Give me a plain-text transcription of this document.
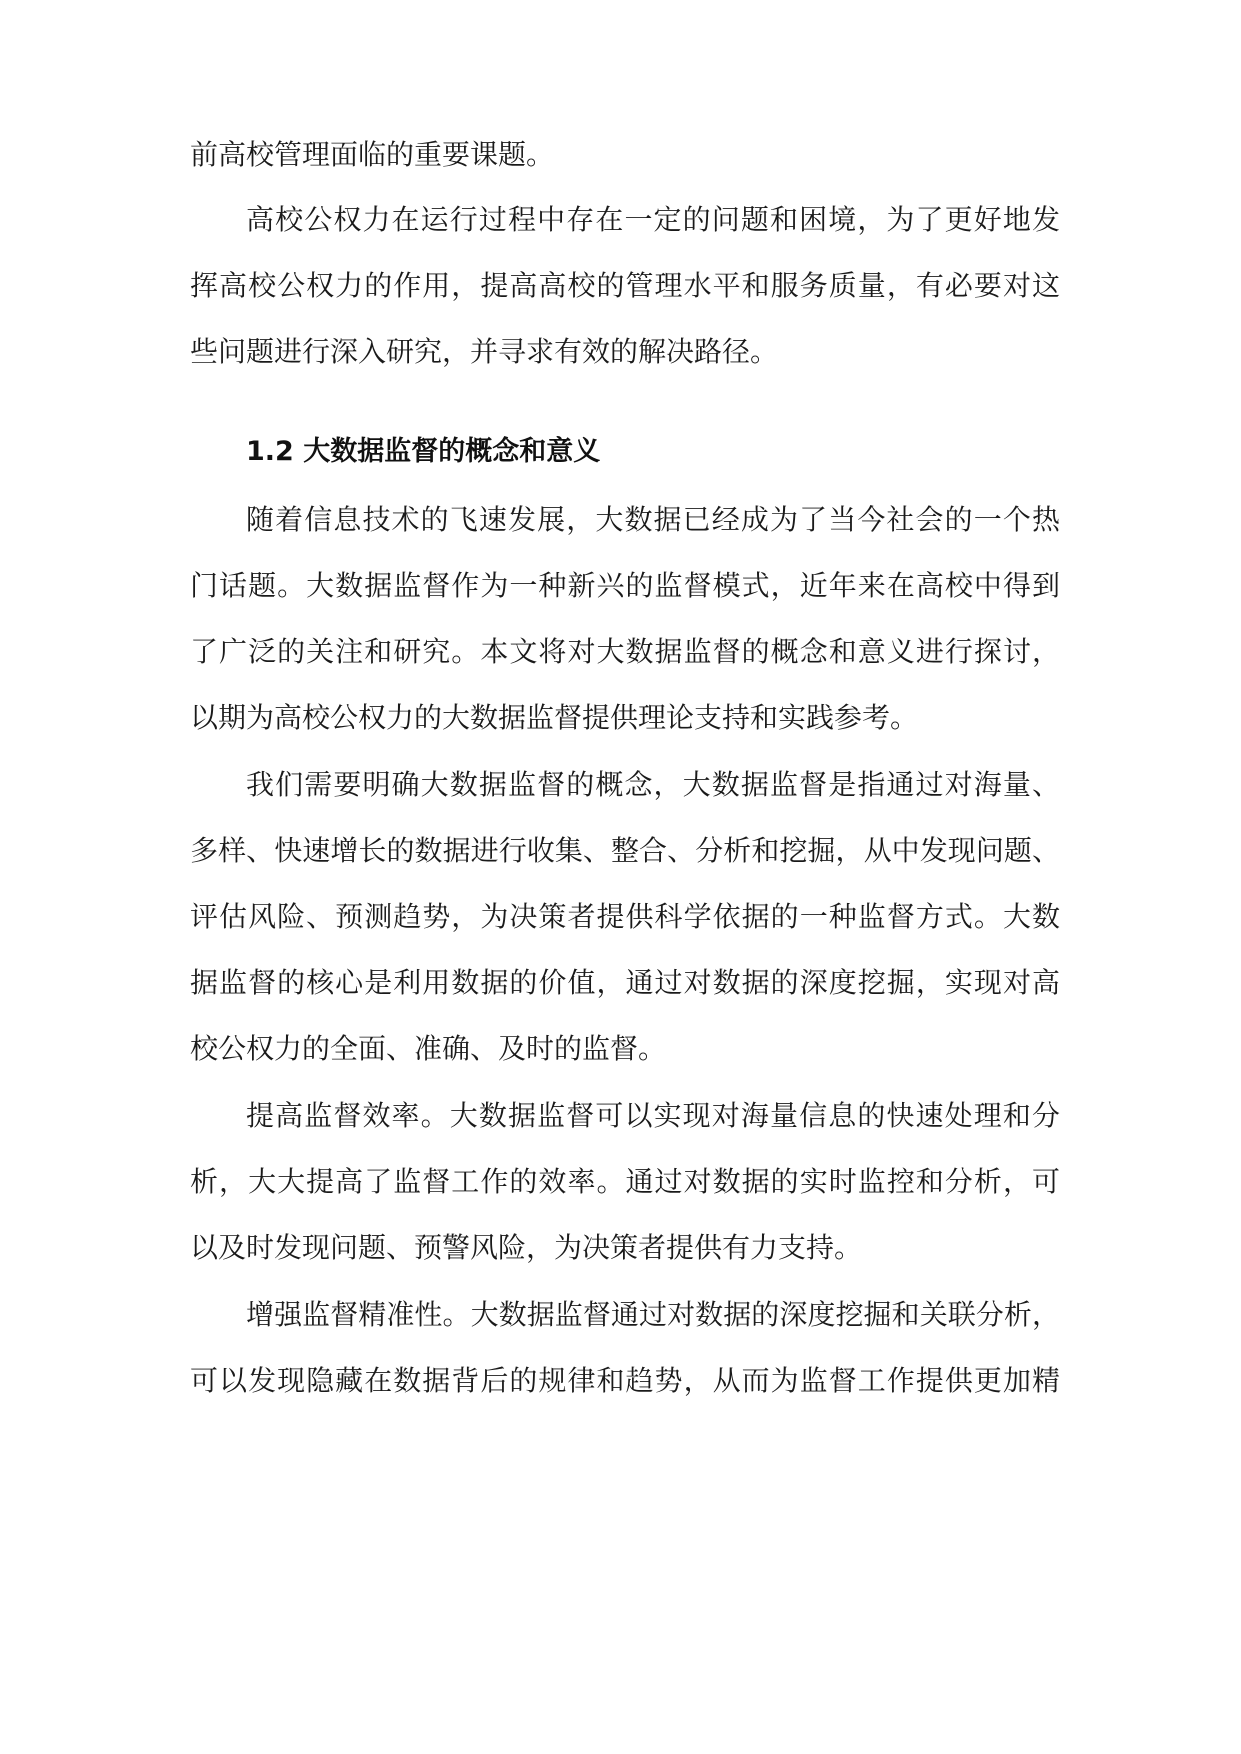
前高校管理面临的重要课题。
高校公权力在运行过程中存在一定的问题和困境，为了更好地发
挥高校公权力的作用，提高高校的管理水平和服务质量，有必要对这
些问题进行深入研究，并寻求有效的解决路径。
1.2 大数据监督的概念和意义
随着信息技术的飞速发展，大数据已经成为了当今社会的一个热
门话题。大数据监督作为一种新兴的监督模式，近年来在高校中得到
了广泛的关注和研究。本文将对大数据监督的概念和意义进行探讨，
以期为高校公权力的大数据监督提供理论支持和实践参考。
我们需要明确大数据监督的概念，大数据监督是指通过对海量、
多样、快速增长的数据进行收集、整合、分析和挖掘，从中发现问题、
评估风险、预测趋势，为决策者提供科学依据的一种监督方式。大数
据监督的核心是利用数据的价值，通过对数据的深度挖掘，实现对高
校公权力的全面、准确、及时的监督。
提高监督效率。大数据监督可以实现对海量信息的快速处理和分
析，大大提高了监督工作的效率。通过对数据的实时监控和分析，可
以及时发现问题、预警风险，为决策者提供有力支持。
增强监督精准性。大数据监督通过对数据的深度挖掘和关联分析，
可以发现隐藏在数据背后的规律和趋势，从而为监督工作提供更加精
